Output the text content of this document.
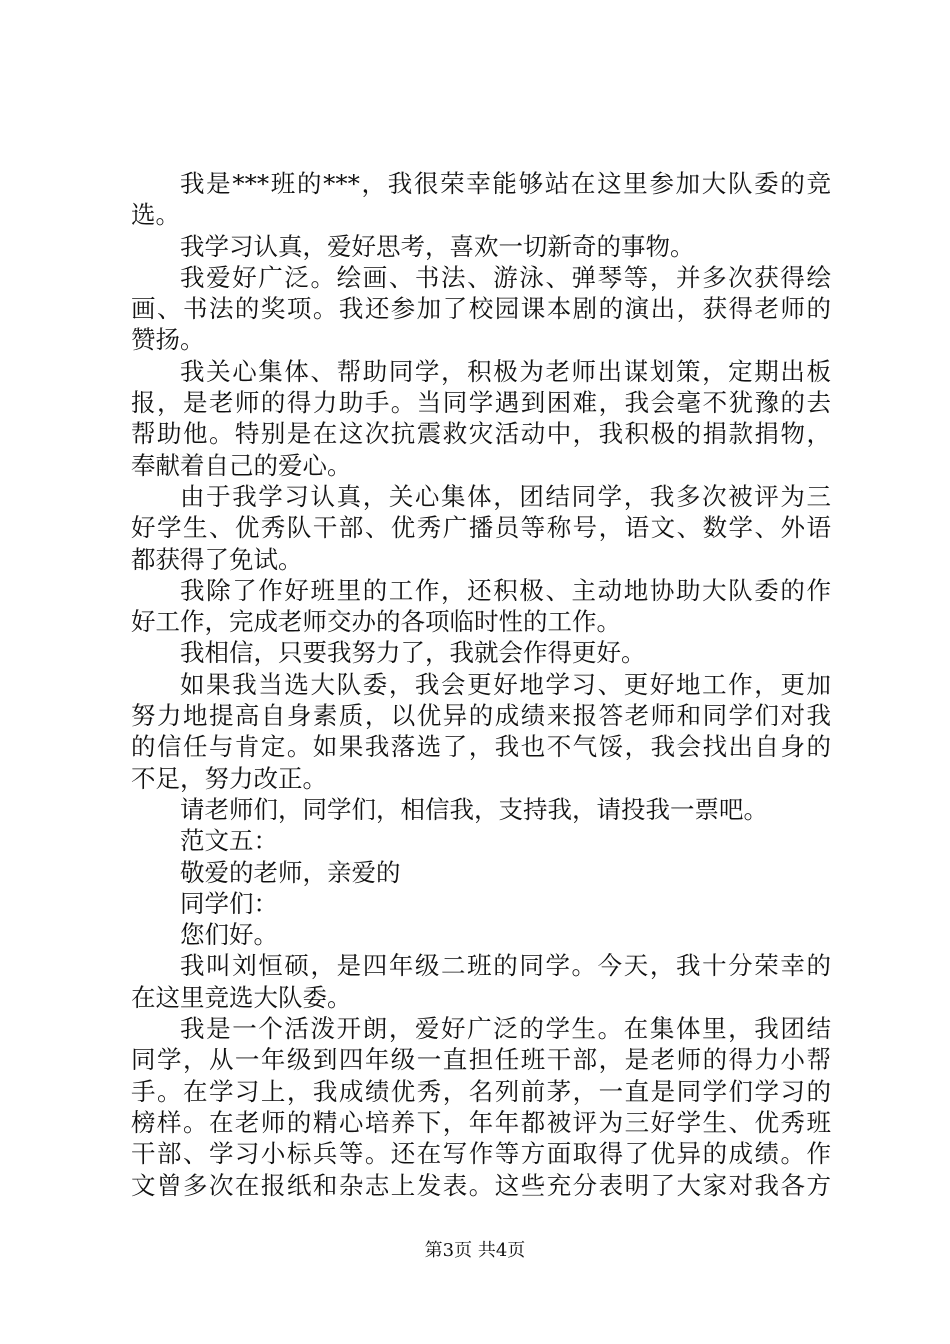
我是***班的***，我很荣幸能够站在这里参加大队委的竞
选。
我学习认真，爱好思考，喜欢一切新奇的事物。
我爱好广泛。绘画、书法、游泳、弹琴等，并多次获得绘
画、书法的奖项。我还参加了校园课本剧的演出，获得老师的
赞扬。
我关心集体、帮助同学，积极为老师出谋划策，定期出板
报，是老师的得力助手。当同学遇到困难，我会毫不犹豫的去
帮助他。特别是在这次抗震救灾活动中，我积极的捐款捐物，
奉献着自己的爱心。
由于我学习认真，关心集体，团结同学，我多次被评为三
好学生、优秀队干部、优秀广播员等称号，语文、数学、外语
都获得了免试。
我除了作好班里的工作，还积极、主动地协助大队委的作
好工作，完成老师交办的各项临时性的工作。
我相信，只要我努力了，我就会作得更好。
如果我当选大队委，我会更好地学习、更好地工作，更加
努力地提高自身素质，以优异的成绩来报答老师和同学们对我
的信任与肯定。如果我落选了，我也不气馁，我会找出自身的
不足，努力改正。
请老师们，同学们，相信我，支持我，请投我一票吧。
范文五：
敬爱的老师，亲爱的
同学们：
您们好。
我叫刘恒硕，是四年级二班的同学。今天，我十分荣幸的
在这里竞选大队委。
我是一个活泼开朗，爱好广泛的学生。在集体里，我团结
同学，从一年级到四年级一直担任班干部，是老师的得力小帮
手。在学习上，我成绩优秀，名列前茅，一直是同学们学习的
榜样。在老师的精心培养下，年年都被评为三好学生、优秀班
干部、学习小标兵等。还在写作等方面取得了优异的成绩。作
文曾多次在报纸和杂志上发表。这些充分表明了大家对我各方
第3页 共4页
